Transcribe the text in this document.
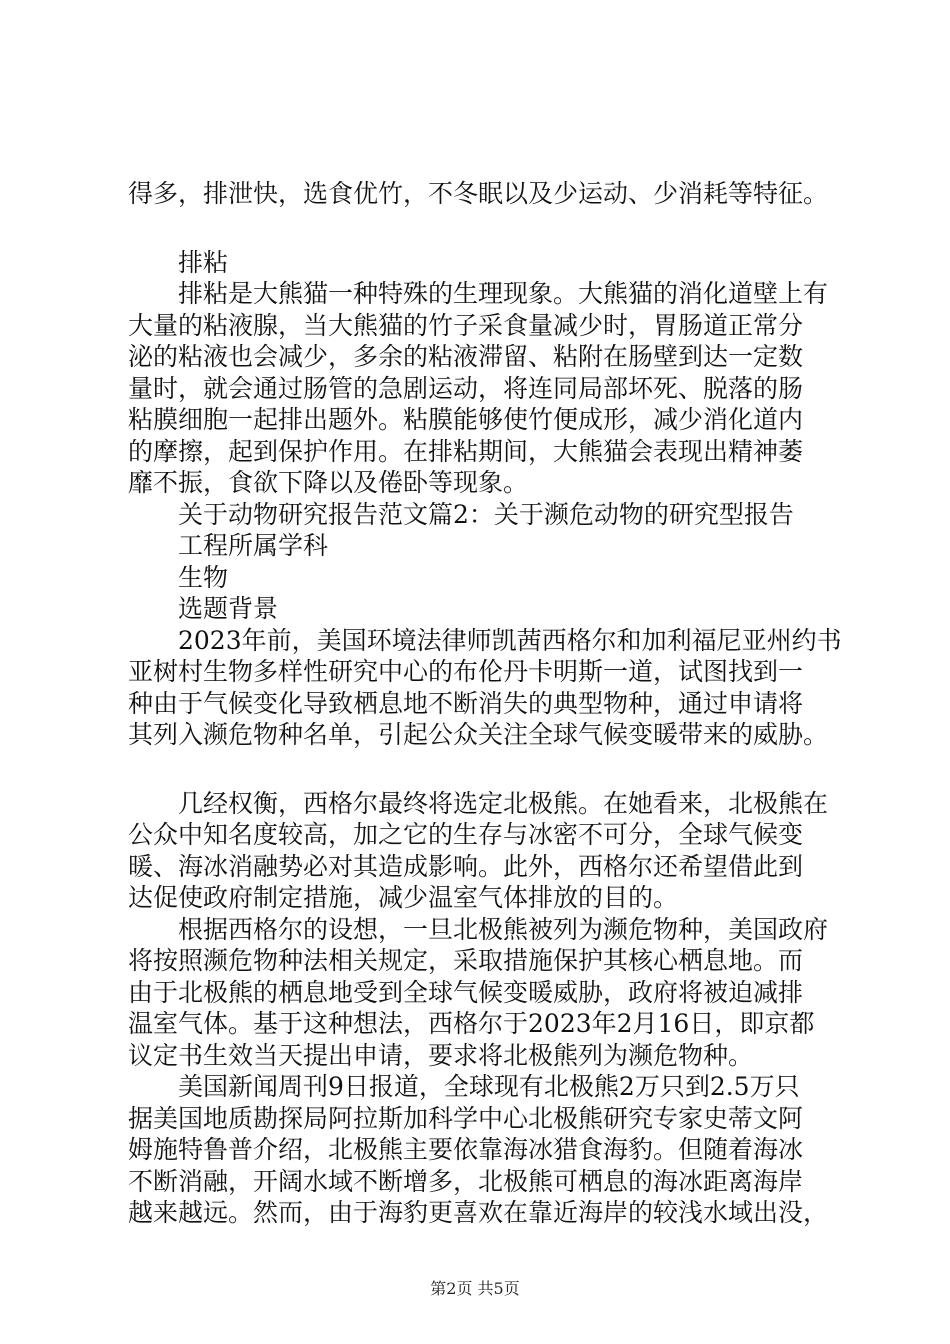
得多，排泄快，选食优竹，不冬眠以及少运动、少消耗等特征。
排粘
排粘是大熊猫一种特殊的生理现象。大熊猫的消化道壁上有
大量的粘液腺，当大熊猫的竹子采食量减少时，胃肠道正常分
泌的粘液也会减少，多余的粘液滞留、粘附在肠壁到达一定数
量时，就会通过肠管的急剧运动，将连同局部坏死、脱落的肠
粘膜细胞一起排出题外。粘膜能够使竹便成形，减少消化道内
的摩擦，起到保护作用。在排粘期间，大熊猫会表现出精神萎
靡不振，食欲下降以及倦卧等现象。
关于动物研究报告范文篇2：关于濒危动物的研究型报告
工程所属学科
生物
选题背景
2023年前，美国环境法律师凯茜西格尔和加利福尼亚州约书
亚树村生物多样性研究中心的布伦丹卡明斯一道，试图找到一
种由于气候变化导致栖息地不断消失的典型物种，通过申请将
其列入濒危物种名单，引起公众关注全球气候变暖带来的威胁。
几经权衡，西格尔最终将选定北极熊。在她看来，北极熊在
公众中知名度较高，加之它的生存与冰密不可分，全球气候变
暖、海冰消融势必对其造成影响。此外，西格尔还希望借此到
达促使政府制定措施，减少温室气体排放的目的。
根据西格尔的设想，一旦北极熊被列为濒危物种，美国政府
将按照濒危物种法相关规定，采取措施保护其核心栖息地。而
由于北极熊的栖息地受到全球气候变暖威胁，政府将被迫减排
温室气体。基于这种想法，西格尔于2023年2月16日，即京都
议定书生效当天提出申请，要求将北极熊列为濒危物种。
美国新闻周刊9日报道，全球现有北极熊2万只到2.5万只
据美国地质勘探局阿拉斯加科学中心北极熊研究专家史蒂文阿
姆施特鲁普介绍，北极熊主要依靠海冰猎食海豹。但随着海冰
不断消融，开阔水域不断增多，北极熊可栖息的海冰距离海岸
越来越远。然而，由于海豹更喜欢在靠近海岸的较浅水域出没，
第2页 共5页
